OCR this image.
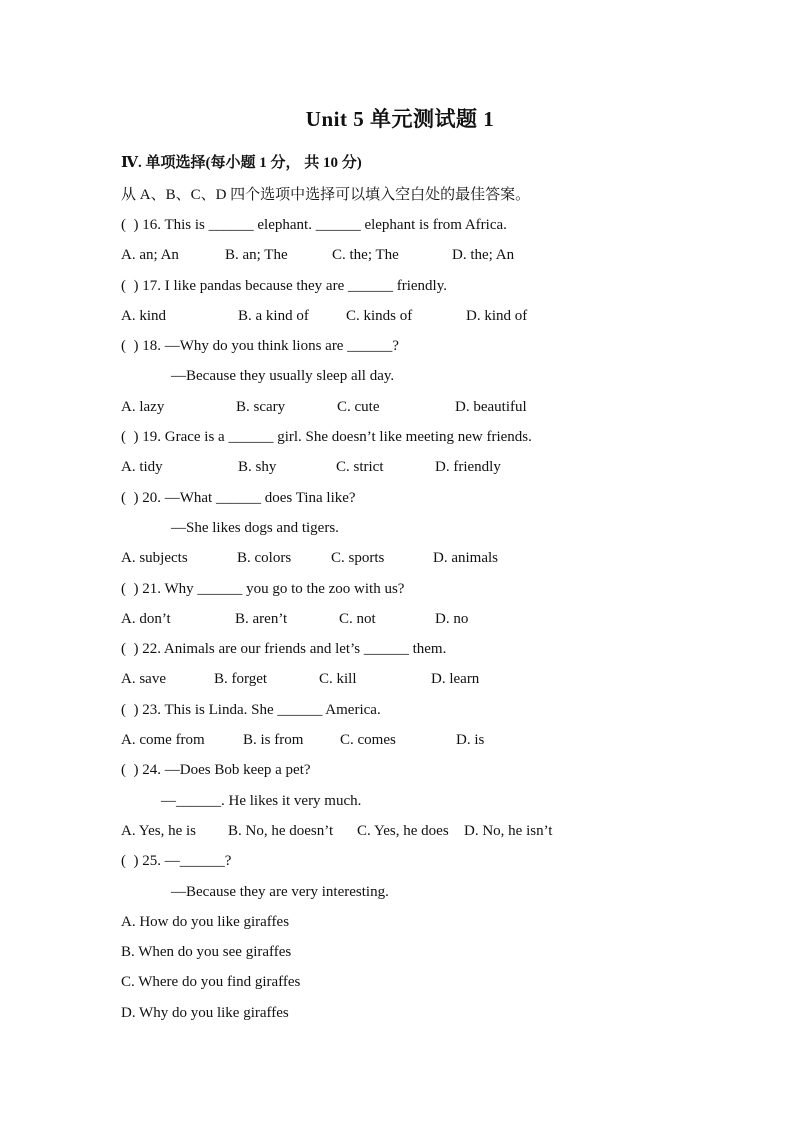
Unit 5 单元测试题 1
Ⅳ. 单项选择(每小题 1 分， 共 10 分)
从 A、B、C、D 四个选项中选择可以填入空白处的最佳答案。
(  ) 16. This is ______ elephant. ______ elephant is from Africa.

A. an; An

	B. an; The

	C. the; The

	D. the; An

(  ) 17. I like pandas because they are ______ friendly.

A. kind

	B. a kind of

C. kinds of

	D. kind of

(  ) 18. —Why do you think lions are ______?
—Because they usually sleep all day.

A. lazy

	B. scary

	C. cute

	D. beautiful

(  ) 19. Grace is a ______ girl. She doesn’t like meeting new friends.

A. tidy

	B. shy

	C. strict

	D. friendly

(  ) 20. —What ______ does Tina like?
—She likes dogs and tigers.

A. subjects

	B. colors

	C. sports

	D. animals

(  ) 21. Why ______ you go to the zoo with us?

A. don’t

	B. aren’t

	C. not

	D. no

(  ) 22. Animals are our friends and let’s ______ them.

A. save

	B. forget

	C. kill

	D. learn

(  ) 23. This is Linda. She ______ America.

A. come from

	B. is from

C. comes

	D. is

(  ) 24. —Does Bob keep a pet?
—______. He likes it very much.

A. Yes, he is

B. No, he doesn’t

C. Yes, he does

D. No, he isn’t

(  ) 25. —______?
—Because they are very interesting.
A. How do you like giraffes
B. When do you see giraffes
C. Where do you find giraffes
D. Why do you like giraffes
